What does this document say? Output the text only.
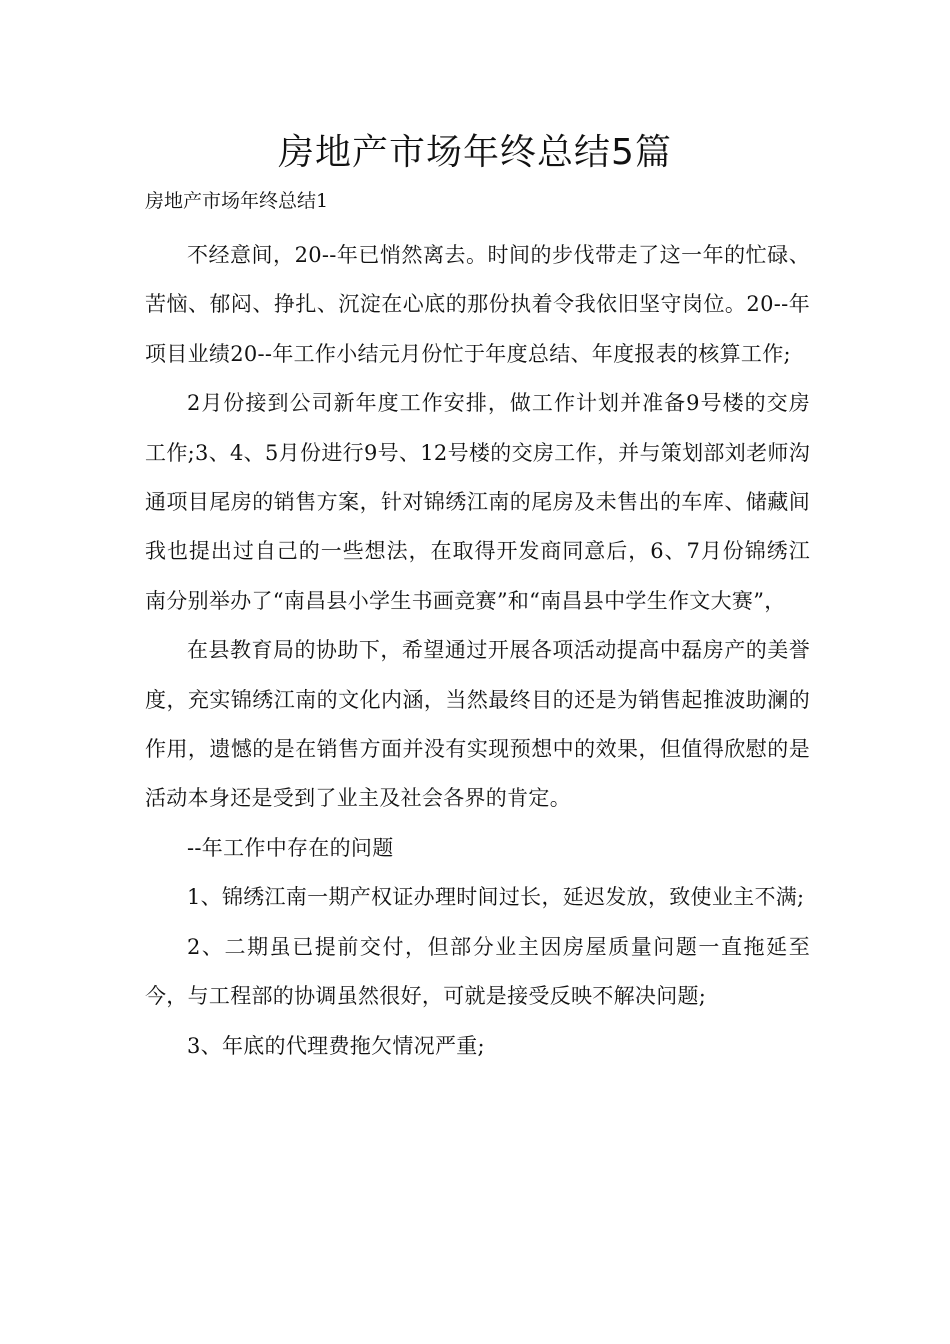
房地产市场年终总结5篇

房地产市场年终总结1

不经意间，20--年已悄然离去。时间的步伐带走了这一年的忙碌、苦恼、郁闷、挣扎、沉淀在心底的那份执着令我依旧坚守岗位。20--年项目业绩20--年工作小结元月份忙于年度总结、年度报表的核算工作;

2月份接到公司新年度工作安排，做工作计划并准备9号楼的交房工作;3、4、5月份进行9号、12号楼的交房工作，并与策划部刘老师沟通项目尾房的销售方案，针对锦绣江南的尾房及未售出的车库、储藏间我也提出过自己的一些想法，在取得开发商同意后，6、7月份锦绣江南分别举办了“南昌县小学生书画竞赛”和“南昌县中学生作文大赛”，

在县教育局的协助下，希望通过开展各项活动提高中磊房产的美誉度，充实锦绣江南的文化内涵，当然最终目的还是为销售起推波助澜的作用，遗憾的是在销售方面并没有实现预想中的效果，但值得欣慰的是活动本身还是受到了业主及社会各界的肯定。

--年工作中存在的问题

1、锦绣江南一期产权证办理时间过长，延迟发放，致使业主不满;

2、二期虽已提前交付，但部分业主因房屋质量问题一直拖延至今，与工程部的协调虽然很好，可就是接受反映不解决问题;

3、年底的代理费拖欠情况严重;
